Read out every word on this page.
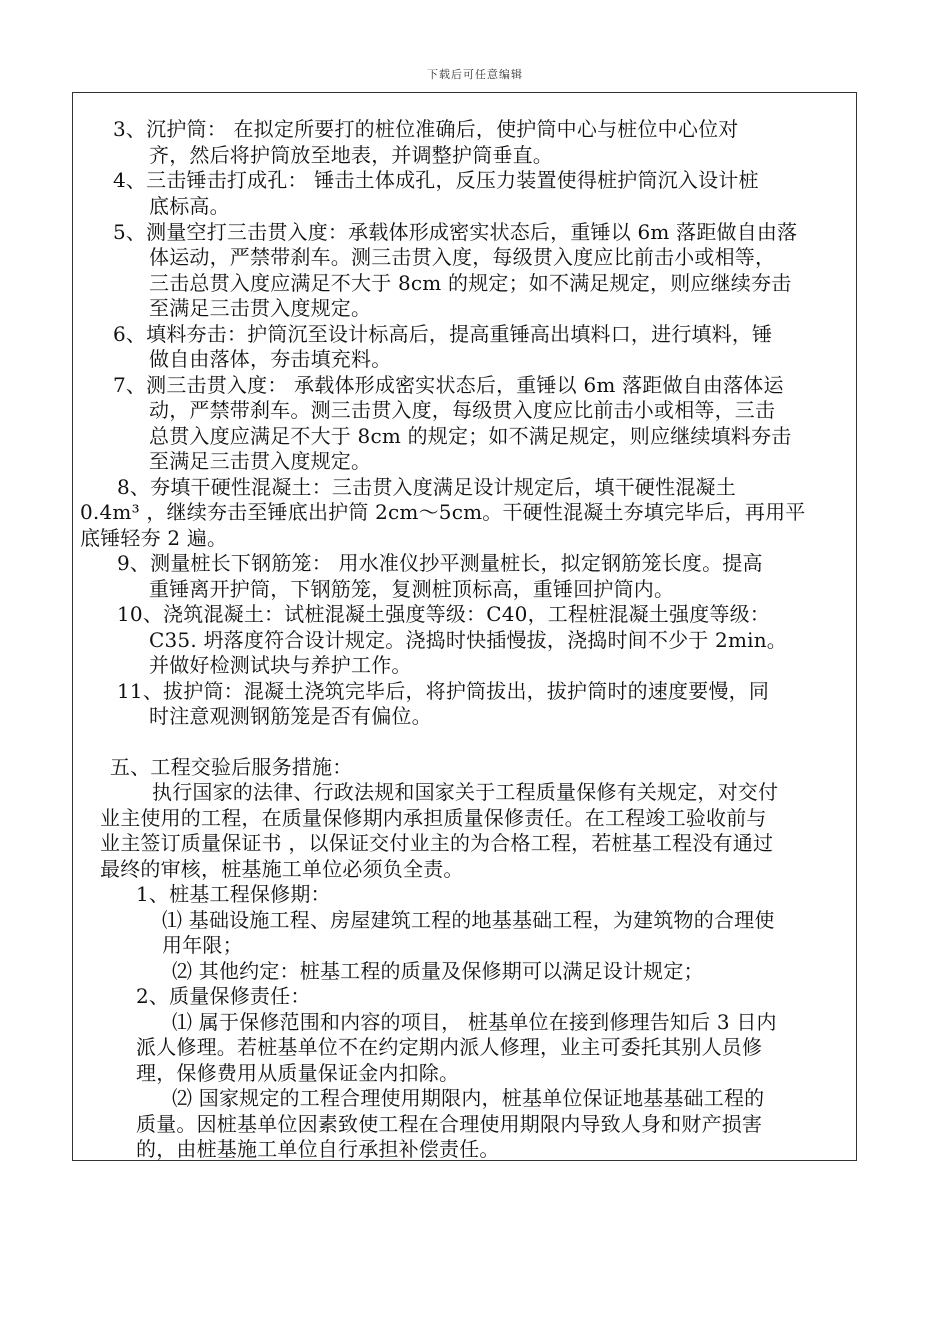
下载后可任意编辑

3、沉护筒： 在拟定所要打的桩位准确后，使护筒中心与桩位中心位对

齐，然后将护筒放至地表，并调整护筒垂直。

4、三击锤击打成孔： 锤击土体成孔，反压力装置使得桩护筒沉入设计桩

底标高。

5、测量空打三击贯入度：承载体形成密实状态后，重锤以 6m 落距做自由落

体运动，严禁带刹车。测三击贯入度，每级贯入度应比前击小或相等，

三击总贯入度应满足不大于 8cm 的规定；如不满足规定，则应继续夯击

至满足三击贯入度规定。

6、填料夯击：护筒沉至设计标高后，提高重锤高出填料口，进行填料，锤

做自由落体，夯击填充料。

7、测三击贯入度： 承载体形成密实状态后，重锤以 6m 落距做自由落体运

动，严禁带刹车。测三击贯入度，每级贯入度应比前击小或相等，三击

总贯入度应满足不大于 8cm 的规定；如不满足规定，则应继续填料夯击

至满足三击贯入度规定。

8、夯填干硬性混凝土：三击贯入度满足设计规定后，填干硬性混凝土

0.4m³ ，继续夯击至锤底出护筒 2cm～5cm。干硬性混凝土夯填完毕后，再用平

底锤轻夯 2 遍。

9、测量桩长下钢筋笼： 用水准仪抄平测量桩长，拟定钢筋笼长度。提高

重锤离开护筒，下钢筋笼，复测桩顶标高，重锤回护筒内。

10、浇筑混凝土：试桩混凝土强度等级：C40，工程桩混凝土强度等级：

C35. 坍落度符合设计规定。浇捣时快插慢拔，浇捣时间不少于 2min。

并做好检测试块与养护工作。

11、拔护筒：混凝土浇筑完毕后，将护筒拔出，拔护筒时的速度要慢，同

时注意观测钢筋笼是否有偏位。

五、工程交验后服务措施：

执行国家的法律、行政法规和国家关于工程质量保修有关规定，对交付

业主使用的工程，在质量保修期内承担质量保修责任。在工程竣工验收前与

业主签订质量保证书 ，以保证交付业主的为合格工程，若桩基工程没有通过

最终的审核，桩基施工单位必须负全责。

1、桩基工程保修期：

⑴ 基础设施工程、房屋建筑工程的地基基础工程，为建筑物的合理使

用年限；

⑵ 其他约定：桩基工程的质量及保修期可以满足设计规定；

2、质量保修责任：

⑴ 属于保修范围和内容的项目， 桩基单位在接到修理告知后 3 日内

派人修理。若桩基单位不在约定期内派人修理，业主可委托其别人员修

理，保修费用从质量保证金内扣除。

⑵ 国家规定的工程合理使用期限内，桩基单位保证地基基础工程的

质量。因桩基单位因素致使工程在合理使用期限内导致人身和财产损害

的，由桩基施工单位自行承担补偿责任。
